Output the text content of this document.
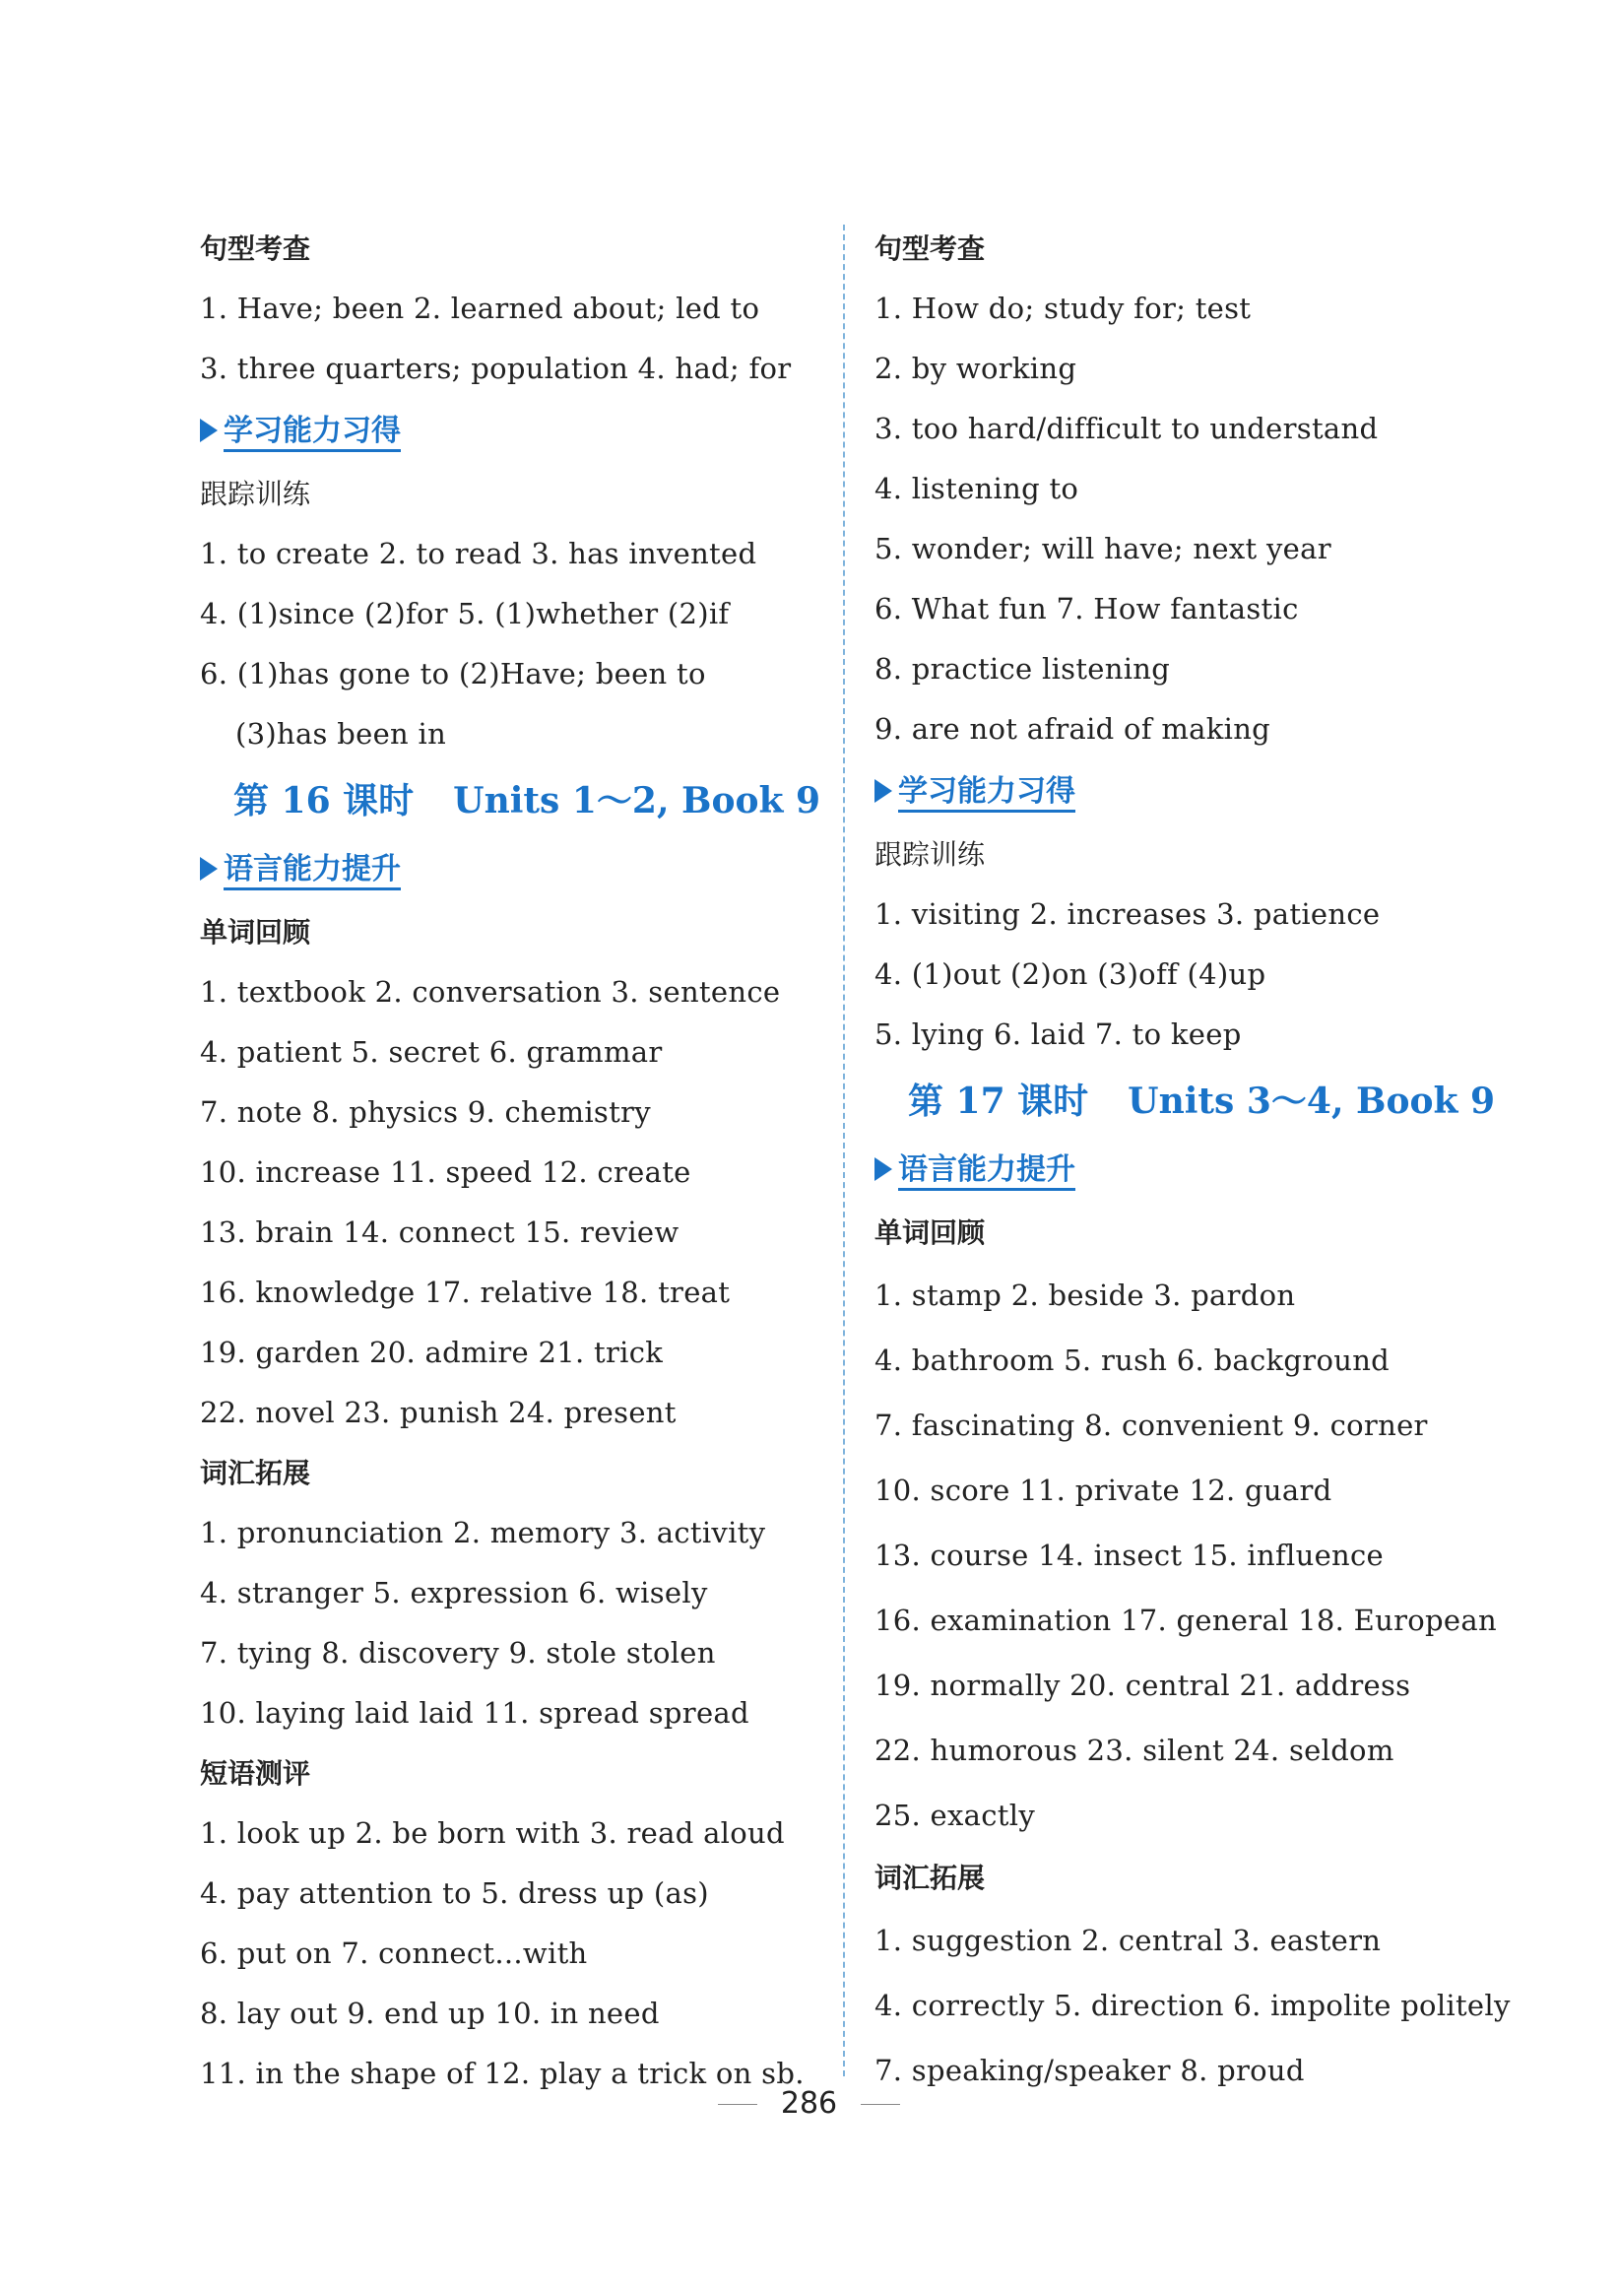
句型考查
1. Have; been 2. learned about; led to
3. three quarters; population 4. had; for
学习能力习得
跟踪训练
1. to create 2. to read 3. has invented
4. (1)since (2)for 5. (1)whether (2)if
6. (1)has gone to (2)Have; been to
(3)has been in
第 16 课时 Units 1～2, Book 9
语言能力提升
单词回顾
1. textbook 2. conversation 3. sentence
4. patient 5. secret 6. grammar
7. note 8. physics 9. chemistry
10. increase 11. speed 12. create
13. brain 14. connect 15. review
16. knowledge 17. relative 18. treat
19. garden 20. admire 21. trick
22. novel 23. punish 24. present
词汇拓展
1. pronunciation 2. memory 3. activity
4. stranger 5. expression 6. wisely
7. tying 8. discovery 9. stole stolen
10. laying laid laid 11. spread spread
短语测评
1. look up 2. be born with 3. read aloud
4. pay attention to 5. dress up (as)
6. put on 7. connect...with
8. lay out 9. end up 10. in need
11. in the shape of 12. play a trick on sb.
句型考查
1. How do; study for; test
2. by working
3. too hard/difficult to understand
4. listening to
5. wonder; will have; next year
6. What fun 7. How fantastic
8. practice listening
9. are not afraid of making
学习能力习得
跟踪训练
1. visiting 2. increases 3. patience
4. (1)out (2)on (3)off (4)up
5. lying 6. laid 7. to keep
第 17 课时 Units 3～4, Book 9
语言能力提升
单词回顾
1. stamp 2. beside 3. pardon
4. bathroom 5. rush 6. background
7. fascinating 8. convenient 9. corner
10. score 11. private 12. guard
13. course 14. insect 15. influence
16. examination 17. general 18. European
19. normally 20. central 21. address
22. humorous 23. silent 24. seldom
25. exactly
词汇拓展
1. suggestion 2. central 3. eastern
4. correctly 5. direction 6. impolite politely
7. speaking/speaker 8. proud
286
